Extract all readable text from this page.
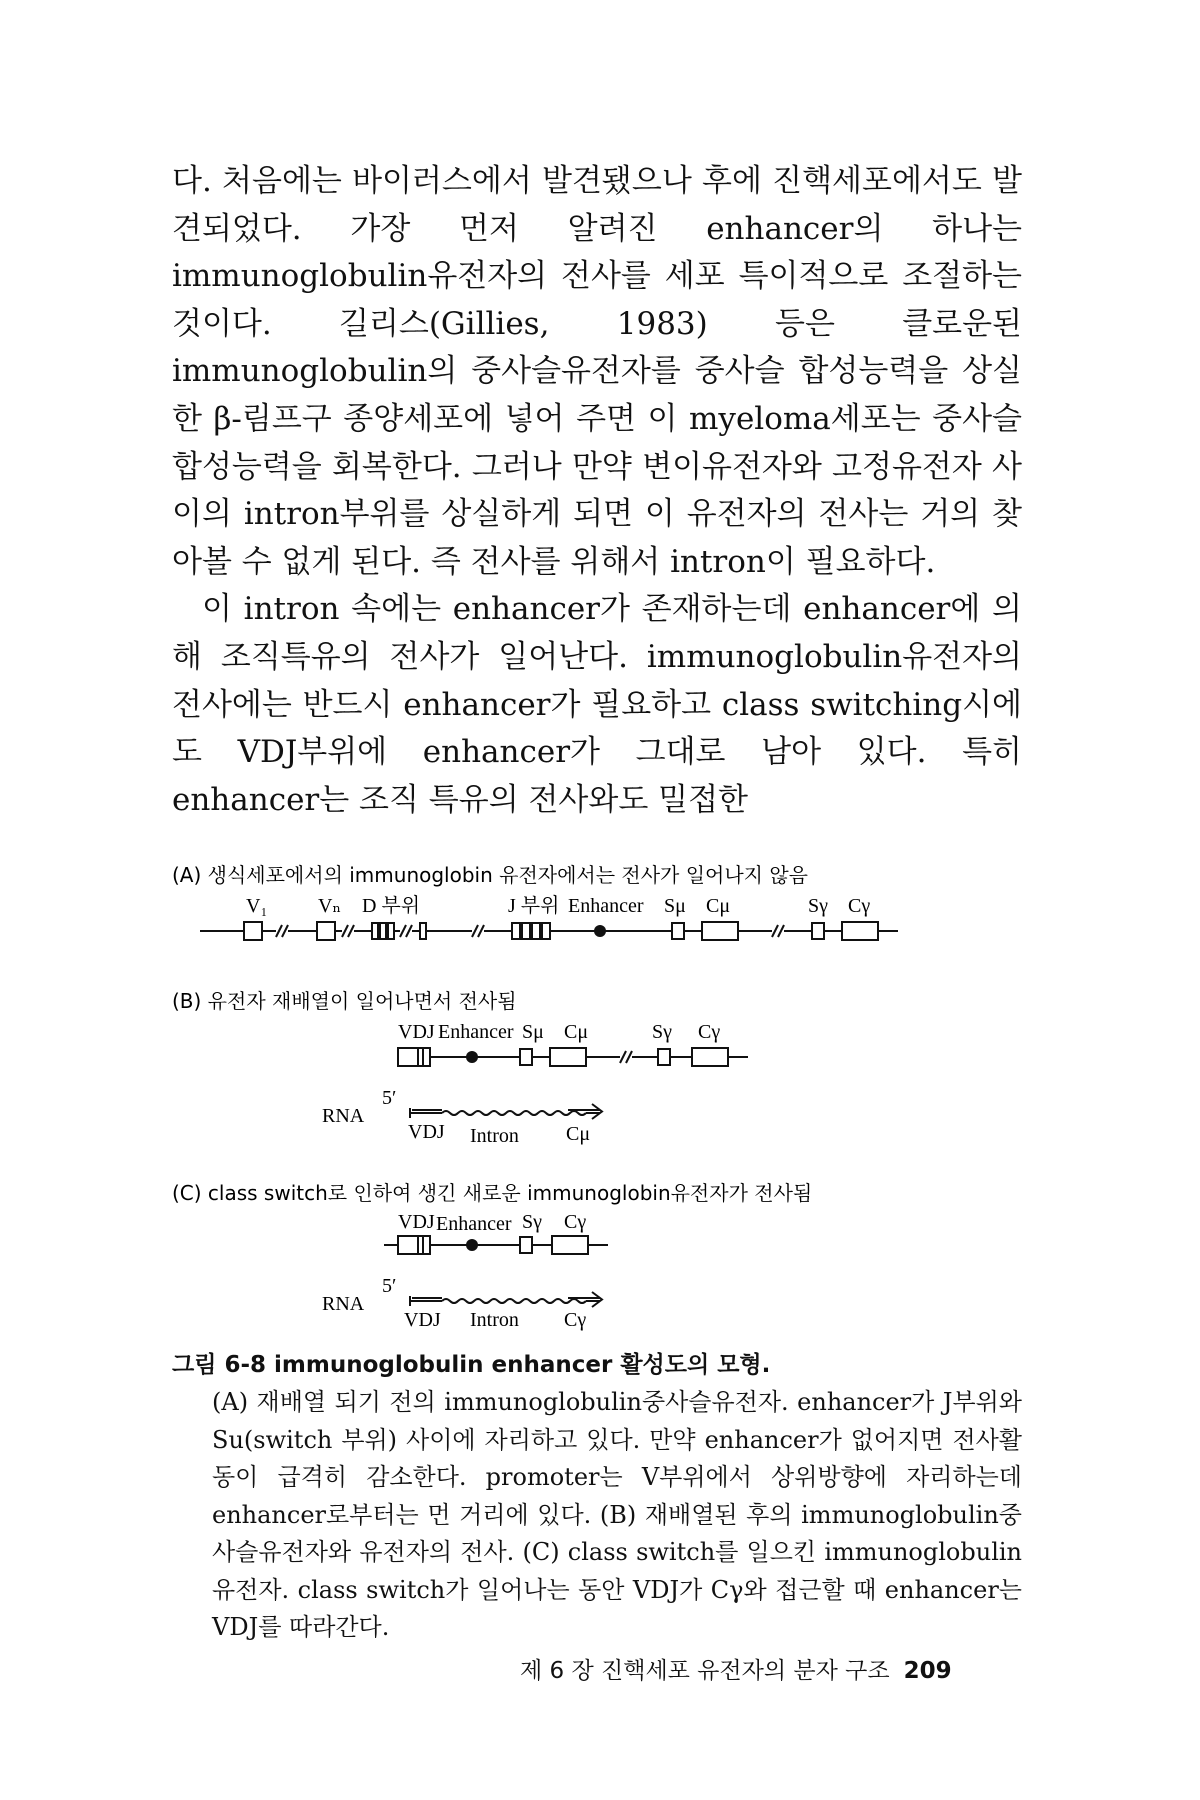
다. 처음에는 바이러스에서 발견됐으나 후에 진핵세포에서도 발견되었다. 가장 먼저 알려진 enhancer의 하나는 immunoglobulin유전자의 전사를 세포 특이적으로 조절하는 것이다. 길리스(Gillies, 1983) 등은 클로운된 immunoglobulin의 중사슬유전자를 중사슬 합성능력을 상실한 β-림프구 종양세포에 넣어 주면 이 myeloma세포는 중사슬 합성능력을 회복한다. 그러나 만약 변이유전자와 고정유전자 사이의 intron부위를 상실하게 되면 이 유전자의 전사는 거의 찾아볼 수 없게 된다. 즉 전사를 위해서 intron이 필요하다.

이 intron 속에는 enhancer가 존재하는데 enhancer에 의해 조직특유의 전사가 일어난다. immunoglobulin유전자의 전사에는 반드시 enhancer가 필요하고 class switching시에도 VDJ부위에 enhancer가 그대로 남아 있다. 특히 enhancer는 조직 특유의 전사와도 밀접한

(A) 생식세포에서의 immunoglobin 유전자에서는 전사가 일어나지 않음
V₁	Vₙ D 부위	J 부위 Enhancer Sμ Cμ	Sγ Cγ
(B) 유전자 재배열이 일어나면서 전사됨
VDJ Enhancer Sμ Cμ	Sγ Cγ
RNA
5′
VDJ Intron Cμ
(C) class switch로 인하여 생긴 새로운 immunoglobin유전자가 전사됨
VDJ Enhancer Sγ Cγ
RNA
5′
VDJ Intron Cγ
그림 6-8 immunoglobulin enhancer 활성도의 모형.
(A) 재배열 되기 전의 immunoglobulin중사슬유전자. enhancer가 J부위와 Su(switch 부위) 사이에 자리하고 있다. 만약 enhancer가 없어지면 전사활동이 급격히 감소한다. promoter는 V부위에서 상위방향에 자리하는데 enhancer로부터는 먼 거리에 있다. (B) 재배열된 후의 immunoglobulin중사슬유전자와 유전자의 전사. (C) class switch를 일으킨 immunoglobulin유전자. class switch가 일어나는 동안 VDJ가 Cγ와 접근할 때 enhancer는 VDJ를 따라간다.
제 6 장 진핵세포 유전자의 분자 구조 209
